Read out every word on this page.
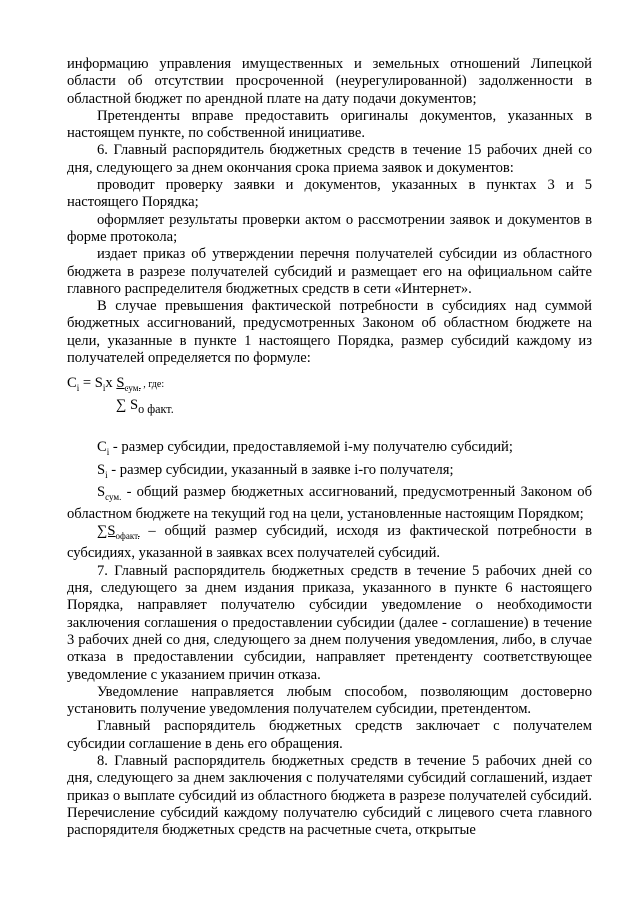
информацию управления имущественных и земельных отношений Липецкой области об отсутствии просроченной (неурегулированной) задолженности в областной бюджет по арендной плате на дату подачи документов;

Претенденты вправе предоставить оригиналы документов, указанных в настоящем пункте, по собственной инициативе.

6. Главный распорядитель бюджетных средств в течение 15 рабочих дней со дня, следующего за днем окончания срока приема заявок и документов:

проводит проверку заявки и документов, указанных в пунктах 3 и 5 настоящего Порядка;

оформляет результаты проверки актом о рассмотрении заявок и документов в форме протокола;

издает приказ об утверждении перечня получателей субсидии из областного бюджета в разрезе получателей субсидий и размещает его на официальном сайте главного распределителя бюджетных средств в сети «Интернет».

В случае превышения фактической потребности в субсидиях над суммой бюджетных ассигнований, предусмотренных Законом об областном бюджете на цели, указанные в пункте 1 настоящего Порядка, размер субсидий каждому из получателей определяется по формуле:

$C_i = S_ix$ $S_{сум.}$ , где:
∑ $S_{о факт.}$

$C_i$ - размер субсидии, предоставляемой i-му получателю субсидий;

$S_i$ - размер субсидии, указанный в заявке i-го получателя;

$S_{сум.}$ - общий размер бюджетных ассигнований, предусмотренный Законом об областном бюджете на текущий год на цели, установленные настоящим Порядком;

$\sum S_{офакт.}$ – общий размер субсидий, исходя из фактической потребности в субсидиях, указанной в заявках всех получателей субсидий.

7. Главный распорядитель бюджетных средств в течение 5 рабочих дней со дня, следующего за днем издания приказа, указанного в пункте 6 настоящего Порядка, направляет получателю субсидии уведомление о необходимости заключения соглашения о предоставлении субсидии (далее - соглашение) в течение 3 рабочих дней со дня, следующего за днем получения уведомления, либо, в случае отказа в предоставлении субсидии, направляет претенденту соответствующее уведомление с указанием причин отказа.

Уведомление направляется любым способом, позволяющим достоверно установить получение уведомления получателем субсидии, претендентом.

Главный распорядитель бюджетных средств заключает с получателем субсидии соглашение в день его обращения.

8. Главный распорядитель бюджетных средств в течение 5 рабочих дней со дня, следующего за днем заключения с получателями субсидий соглашений, издает приказ о выплате субсидий из областного бюджета в разрезе получателей субсидий. Перечисление субсидий каждому получателю субсидий с лицевого счета главного распорядителя бюджетных средств на расчетные счета, открытые
